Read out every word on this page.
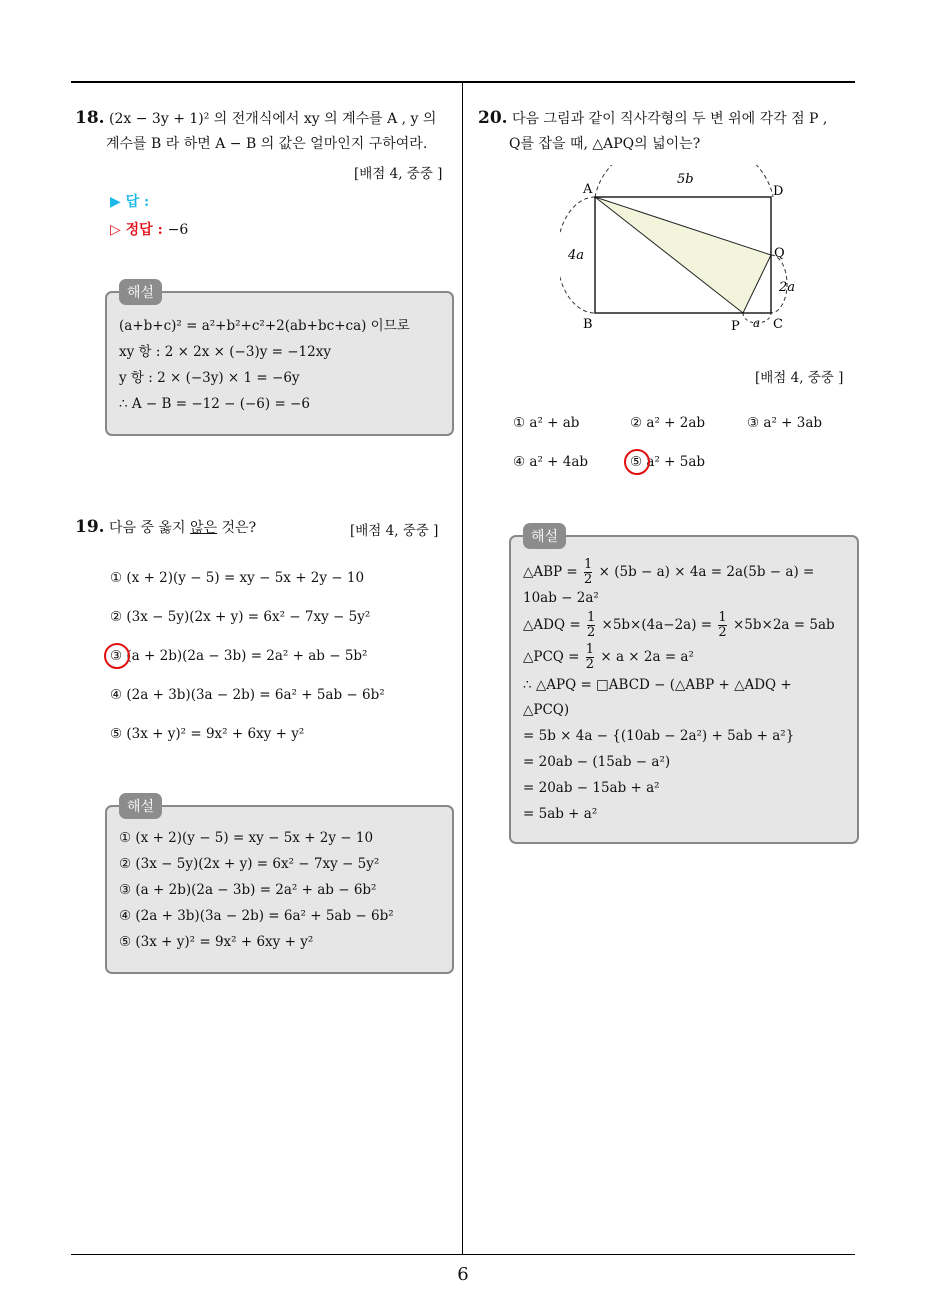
6
18. (2x − 3y + 1)² 의 전개식에서 xy 의 계수를 A , y 의
계수를 B 라 하면 A − B 의 값은 얼마인지 구하여라.
[배점 4, 중중 ]
▶ 답 :
▷ 정답 : −6
해설
(a+b+c)² = a²+b²+c²+2(ab+bc+ca) 이므로
xy 항 : 2 × 2x × (−3)y = −12xy
y 항 : 2 × (−3y) × 1 = −6y
∴ A − B = −12 − (−6) = −6
19. 다음 중 옳지 않은 것은?	[배점 4, 중중 ]
① (x + 2)(y − 5) = xy − 5x + 2y − 10
② (3x − 5y)(2x + y) = 6x² − 7xy − 5y²
③ (a + 2b)(2a − 3b) = 2a² + ab − 5b²
④ (2a + 3b)(3a − 2b) = 6a² + 5ab − 6b²
⑤ (3x + y)² = 9x² + 6xy + y²
해설
① (x + 2)(y − 5) = xy − 5x + 2y − 10
② (3x − 5y)(2x + y) = 6x² − 7xy − 5y²
③ (a + 2b)(2a − 3b) = 2a² + ab − 6b²
④ (2a + 3b)(3a − 2b) = 6a² + 5ab − 6b²
⑤ (3x + y)² = 9x² + 6xy + y²
20. 다음 그림과 같이 직사각형의 두 변 위에 각각 점 P ,
Q를 잡을 때, △APQ의 넓이는?
A	D
B	C
P
Q
5b
4a
2a
a
[배점 4, 중중 ]
① a² + ab	② a² + 2ab	③ a² + 3ab
④ a² + 4ab	⑤ a² + 5ab
해설
△ABP = $\frac{1}{2} \times (5b - a) \times 4a = 2a(5b - a)$ =
10ab − 2a²
△ADQ = $\frac{1}{2} \times 5b\times(4a-2a) = \frac{1}{2} \times 5b\times 2a = 5ab$
△PCQ = $\frac{1}{2} \times a \times 2a = a^2$
∴ △APQ = □ABCD − (△ABP + △ADQ +
△PCQ)
= 5b × 4a − {(10ab − 2a²) + 5ab + a²}
= 20ab − (15ab − a²)
= 20ab − 15ab + a²
= 5ab + a²
